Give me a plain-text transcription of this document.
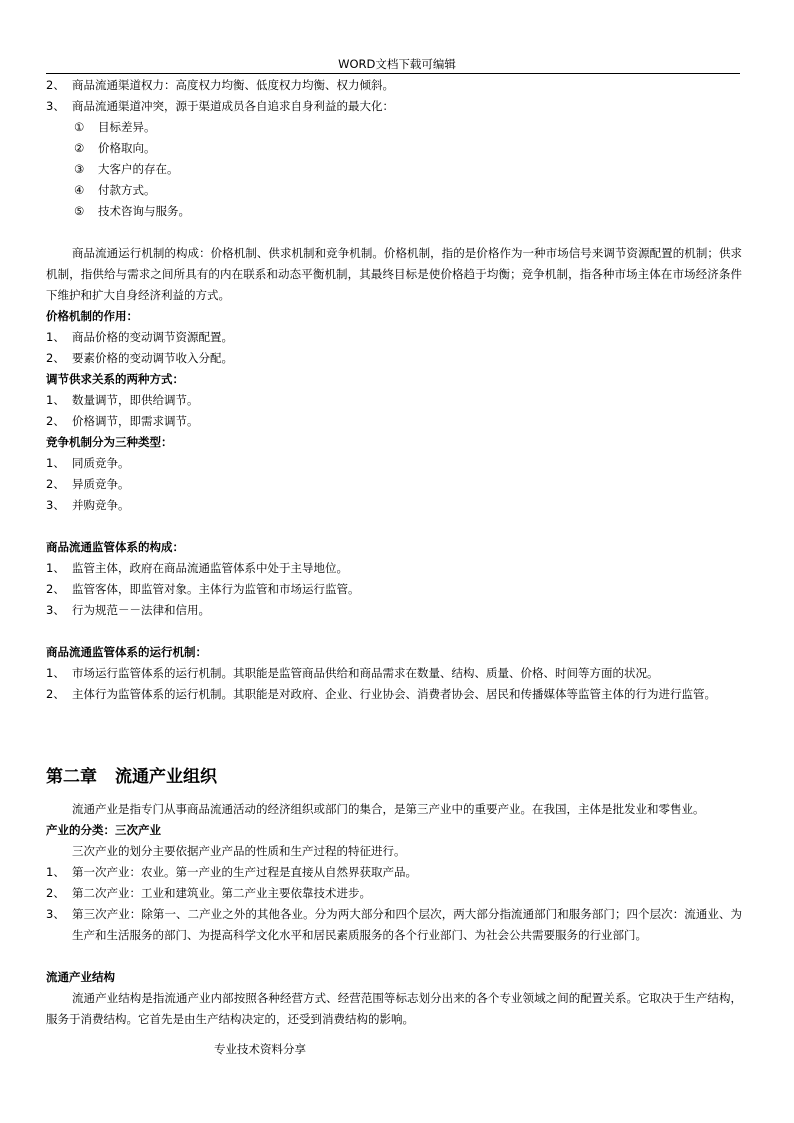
WORD文档下载可编辑
2、 商品流通渠道权力：高度权力均衡、低度权力均衡、权力倾斜。
3、 商品流通渠道冲突，源于渠道成员各自追求自身利益的最大化：
① 目标差异。
② 价格取向。
③ 大客户的存在。
④ 付款方式。
⑤ 技术咨询与服务。
商品流通运行机制的构成：价格机制、供求机制和竞争机制。价格机制，指的是价格作为一种市场信号来调节资源配置的机制；供求机制，指供给与需求之间所具有的内在联系和动态平衡机制，其最终目标是使价格趋于均衡；竞争机制，指各种市场主体在市场经济条件下维护和扩大自身经济利益的方式。
价格机制的作用：
1、 商品价格的变动调节资源配置。
2、 要素价格的变动调节收入分配。
调节供求关系的两种方式：
1、 数量调节，即供给调节。
2、 价格调节，即需求调节。
竞争机制分为三种类型：
1、 同质竞争。
2、 异质竞争。
3、 并购竞争。
商品流通监管体系的构成：
1、 监管主体，政府在商品流通监管体系中处于主导地位。
2、 监管客体，即监管对象。主体行为监管和市场运行监管。
3、 行为规范－－法律和信用。
商品流通监管体系的运行机制：
1、 市场运行监管体系的运行机制。其职能是监管商品供给和商品需求在数量、结构、质量、价格、时间等方面的状况。
2、 主体行为监管体系的运行机制。其职能是对政府、企业、行业协会、消费者协会、居民和传播媒体等监管主体的行为进行监管。
第二章 流通产业组织
流通产业是指专门从事商品流通活动的经济组织或部门的集合，是第三产业中的重要产业。在我国，主体是批发业和零售业。
产业的分类：三次产业
三次产业的划分主要依据产业产品的性质和生产过程的特征进行。
1、 第一次产业：农业。第一产业的生产过程是直接从自然界获取产品。
2、 第二次产业：工业和建筑业。第二产业主要依靠技术进步。
3、 第三次产业：除第一、二产业之外的其他各业。分为两大部分和四个层次，两大部分指流通部门和服务部门；四个层次：流通业、为生产和生活服务的部门、为提高科学文化水平和居民素质服务的各个行业部门、为社会公共需要服务的行业部门。
流通产业结构
流通产业结构是指流通产业内部按照各种经营方式、经营范围等标志划分出来的各个专业领域之间的配置关系。它取决于生产结构，服务于消费结构。它首先是由生产结构决定的，还受到消费结构的影响。
专业技术资料分享
